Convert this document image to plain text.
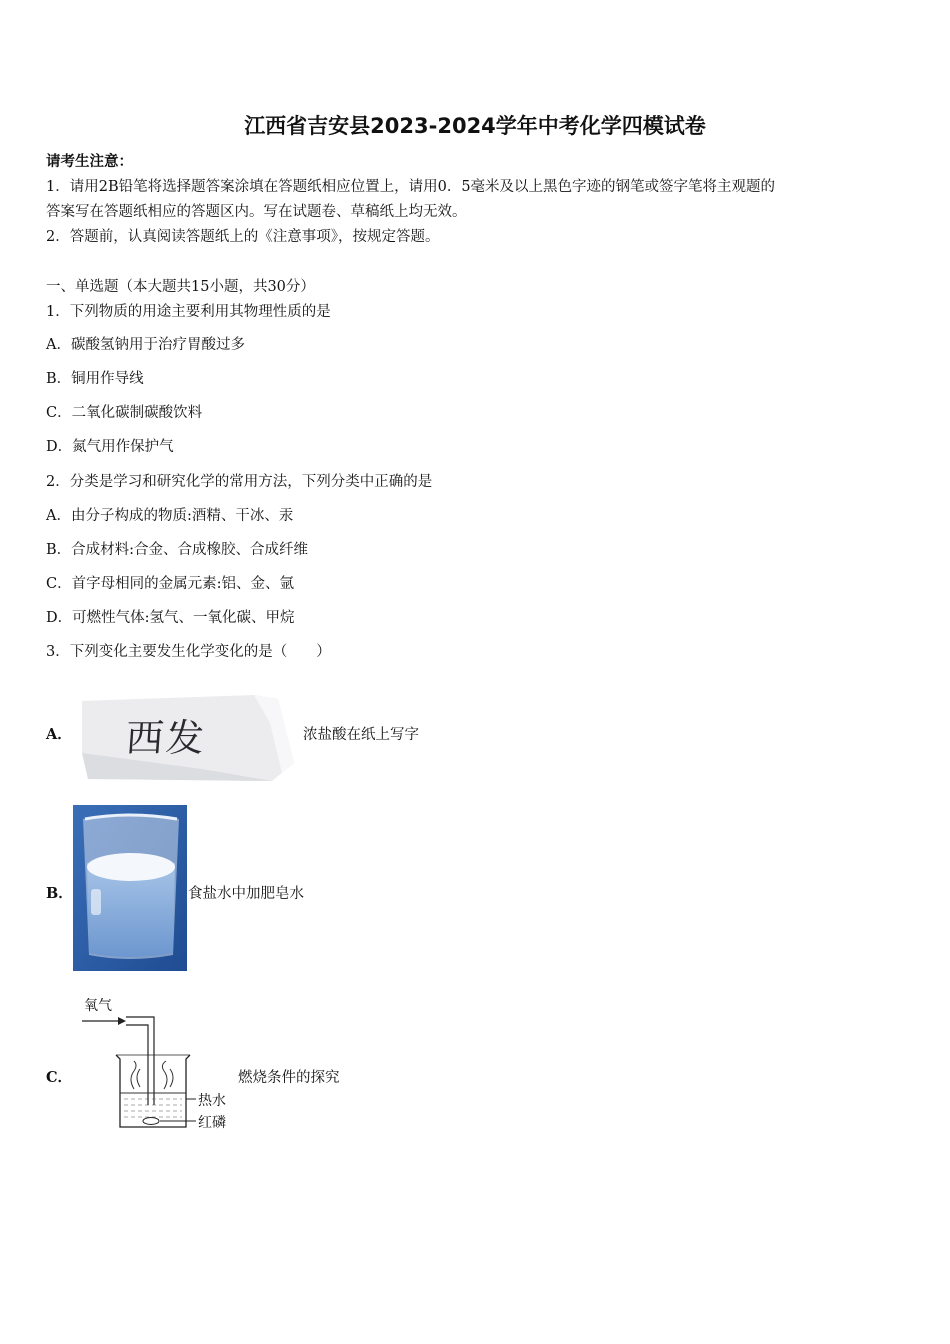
江西省吉安县2023-2024学年中考化学四模试卷
请考生注意：
1．请用2B铅笔将选择题答案涂填在答题纸相应位置上，请用0．5毫米及以上黑色字迹的钢笔或签字笔将主观题的
答案写在答题纸相应的答题区内。写在试题卷、草稿纸上均无效。
2．答题前，认真阅读答题纸上的《注意事项》，按规定答题。
一、单选题（本大题共15小题，共30分）
1．下列物质的用途主要利用其物理性质的是
A．碳酸氢钠用于治疗胃酸过多
B．铜用作导线
C．二氧化碳制碳酸饮料
D．氮气用作保护气
2．分类是学习和研究化学的常用方法，下列分类中正确的是
A．由分子构成的物质:酒精、干冰、汞
B．合成材料:合金、合成橡胶、合成纤维
C．首字母相同的金属元素:铝、金、氩
D．可燃性气体:氢气、一氧化碳、甲烷
3．下列变化主要发生化学变化的是（　　）
A． 西发	浓盐酸在纸上写字
B．	食盐水中加肥皂水
C．
氧气
热水
红磷
燃烧条件的探究
